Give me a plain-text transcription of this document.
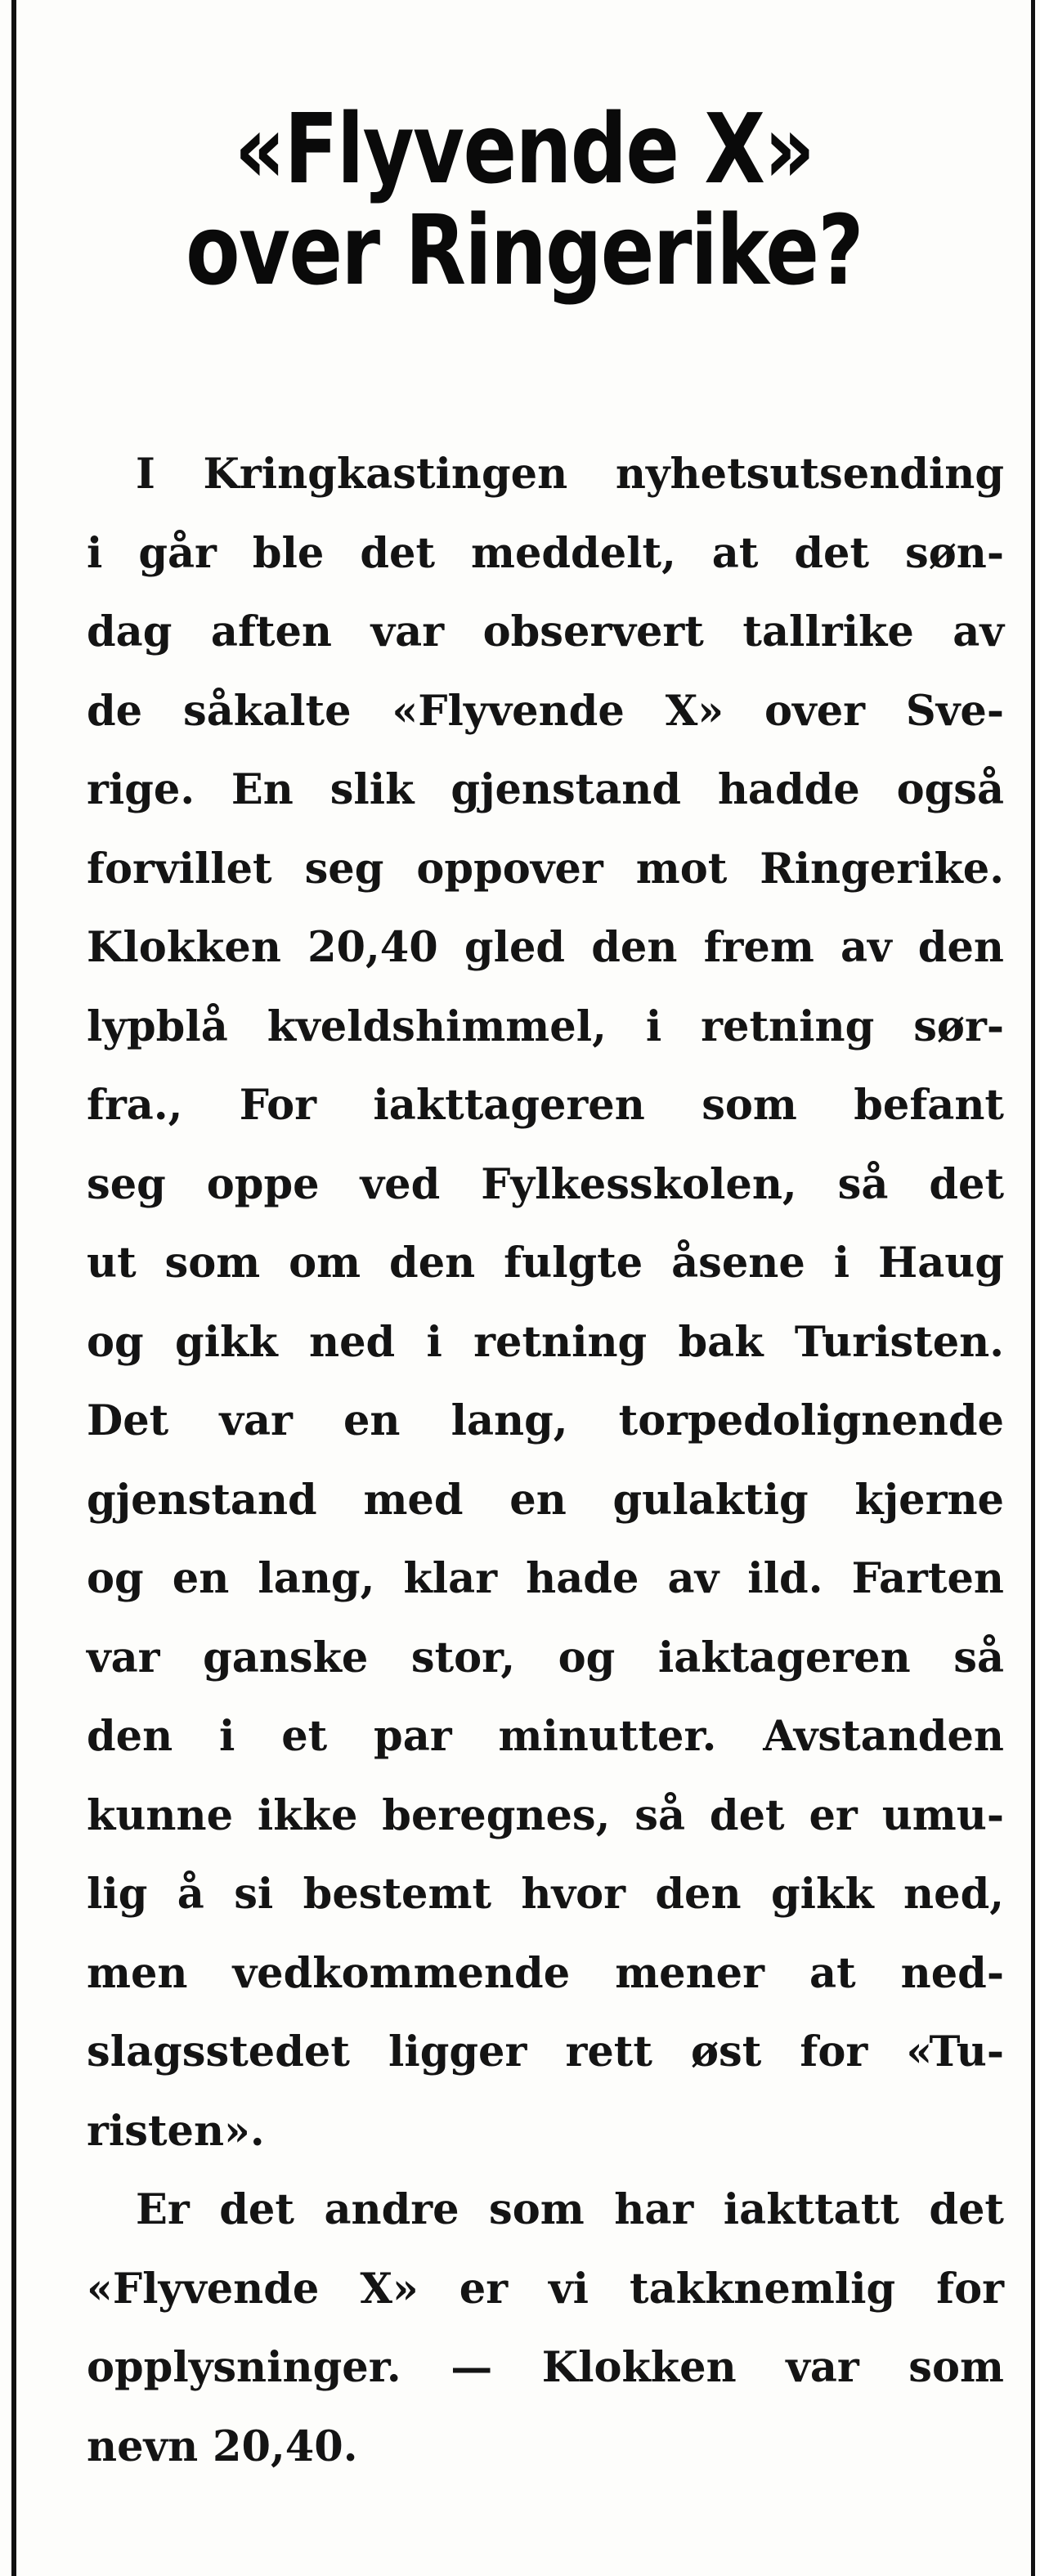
«Flyvende X»
over Ringerike?
I Kringkastingen nyhetsutsending
i går ble det meddelt, at det søn-
dag aften var observert tallrike av
de såkalte «Flyvende X» over Sve-
rige. En slik gjenstand hadde også
forvillet seg oppover mot Ringerike.
Klokken 20,40 gled den frem av den
lypblå kveldshimmel, i retning sør-
fra., For iakttageren som befant
seg oppe ved Fylkesskolen, så det
ut som om den fulgte åsene i Haug
og gikk ned i retning bak Turisten.
Det var en lang, torpedolignende
gjenstand med en gulaktig kjerne
og en lang, klar hade av ild. Farten
var ganske stor, og iaktageren så
den i et par minutter. Avstanden
kunne ikke beregnes, så det er umu-
lig å si bestemt hvor den gikk ned,
men vedkommende mener at ned-
slagsstedet ligger rett øst for «Tu-
risten».
Er det andre som har iakttatt det
«Flyvende X» er vi takknemlig for
opplysninger. — Klokken var som
nevn 20,40.
